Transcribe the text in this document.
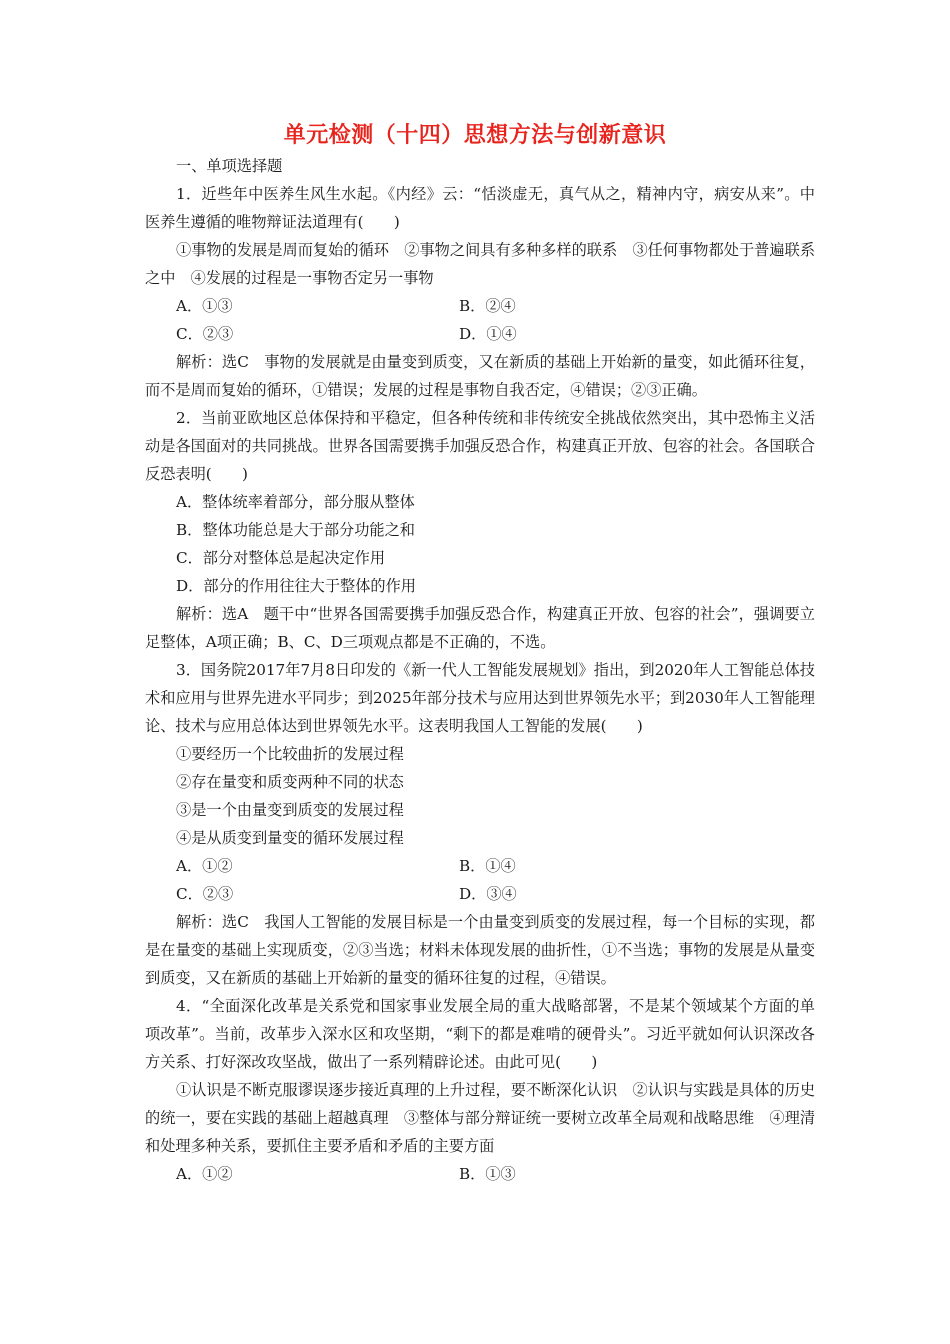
单元检测（十四）思想方法与创新意识

一、单项选择题

1．近些年中医养生风生水起。《内经》云：“恬淡虚无，真气从之，精神内守，病安从来”。中医养生遵循的唯物辩证法道理有(　　)

①事物的发展是周而复始的循环　②事物之间具有多种多样的联系　③任何事物都处于普遍联系之中　④发展的过程是一事物否定另一事物

A．①③	B．②④
C．②③	D．①④

解析：选C　事物的发展就是由量变到质变，又在新质的基础上开始新的量变，如此循环往复，而不是周而复始的循环，①错误；发展的过程是事物自我否定，④错误；②③正确。

2．当前亚欧地区总体保持和平稳定，但各种传统和非传统安全挑战依然突出，其中恐怖主义活动是各国面对的共同挑战。世界各国需要携手加强反恐合作，构建真正开放、包容的社会。各国联合反恐表明(　　)

A．整体统率着部分，部分服从整体

B．整体功能总是大于部分功能之和

C．部分对整体总是起决定作用

D．部分的作用往往大于整体的作用

解析：选A　题干中“世界各国需要携手加强反恐合作，构建真正开放、包容的社会”，强调要立足整体，A项正确；B、C、D三项观点都是不正确的，不选。

3．国务院2017年7月8日印发的《新一代人工智能发展规划》指出，到2020年人工智能总体技术和应用与世界先进水平同步；到2025年部分技术与应用达到世界领先水平；到2030年人工智能理论、技术与应用总体达到世界领先水平。这表明我国人工智能的发展(　　)

①要经历一个比较曲折的发展过程

②存在量变和质变两种不同的状态

③是一个由量变到质变的发展过程

④是从质变到量变的循环发展过程

A．①②	B．①④
C．②③	D．③④

解析：选C　我国人工智能的发展目标是一个由量变到质变的发展过程，每一个目标的实现，都是在量变的基础上实现质变，②③当选；材料未体现发展的曲折性，①不当选；事物的发展是从量变到质变，又在新质的基础上开始新的量变的循环往复的过程，④错误。

4．“全面深化改革是关系党和国家事业发展全局的重大战略部署，不是某个领域某个方面的单项改革”。当前，改革步入深水区和攻坚期，“剩下的都是难啃的硬骨头”。习近平就如何认识深改各方关系、打好深改攻坚战，做出了一系列精辟论述。由此可见(　　)

①认识是不断克服谬误逐步接近真理的上升过程，要不断深化认识　②认识与实践是具体的历史的统一，要在实践的基础上超越真理　③整体与部分辩证统一要树立改革全局观和战略思维　④理清和处理多种关系，要抓住主要矛盾和矛盾的主要方面

A．①②	B．①③
